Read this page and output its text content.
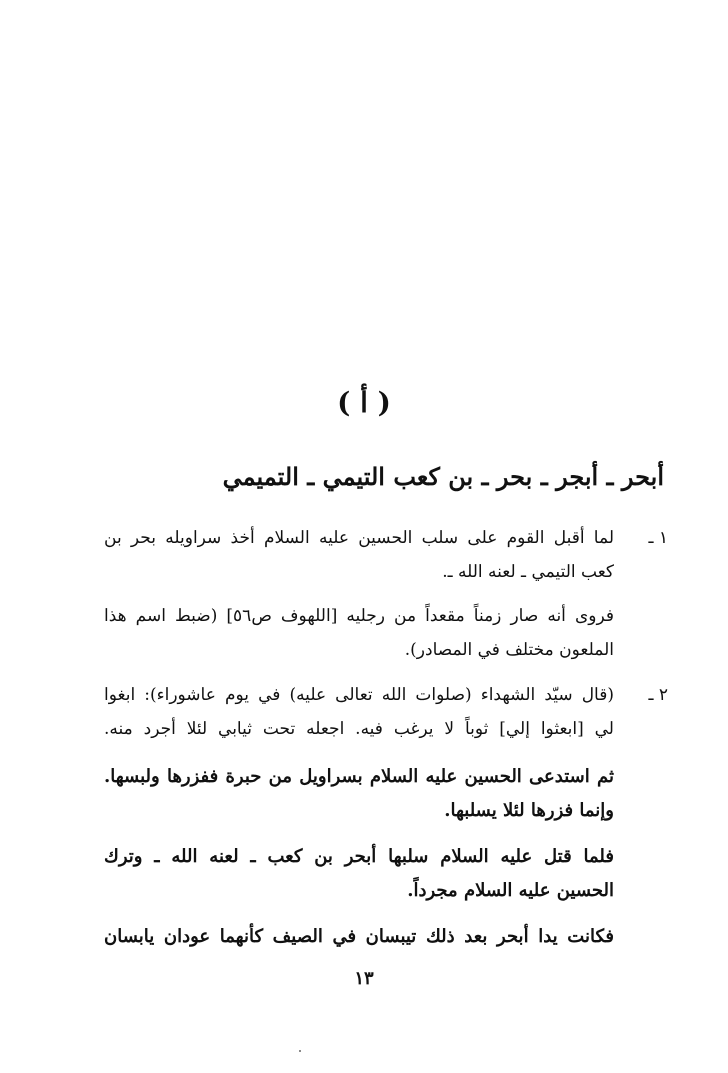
( أ )
أبحر ـ أبجر ـ بحر ـ بن كعب التيمي ـ التميمي
١ ـ
لما أقبل القوم على سلب الحسين عليه السلام أخذ سراويله بحر بن
كعب التيمي ـ لعنه الله ـ.
فروى أنه صار زمناً مقعداً من رجليه [اللهوف ص٥٦] (ضبط اسم هذا
الملعون مختلف في المصادر).
٢ ـ
(قال سيّد الشهداء (صلوات الله تعالى عليه) في يوم عاشوراء): ابغوا
لي [ابعثوا إلي] ثوباً لا يرغب فيه. اجعله تحت ثيابي لئلا أجرد منه.
ثم استدعى الحسين عليه السلام بسراويل من حبرة ففزرها ولبسها.
وإنما فزرها لئلا يسلبها.
فلما قتل عليه السلام سلبها أبحر بن كعب ـ لعنه الله ـ وترك
الحسين عليه السلام مجرداً.
فكانت يدا أبحر بعد ذلك تيبسان في الصيف كأنهما عودان يابسان
١٣
